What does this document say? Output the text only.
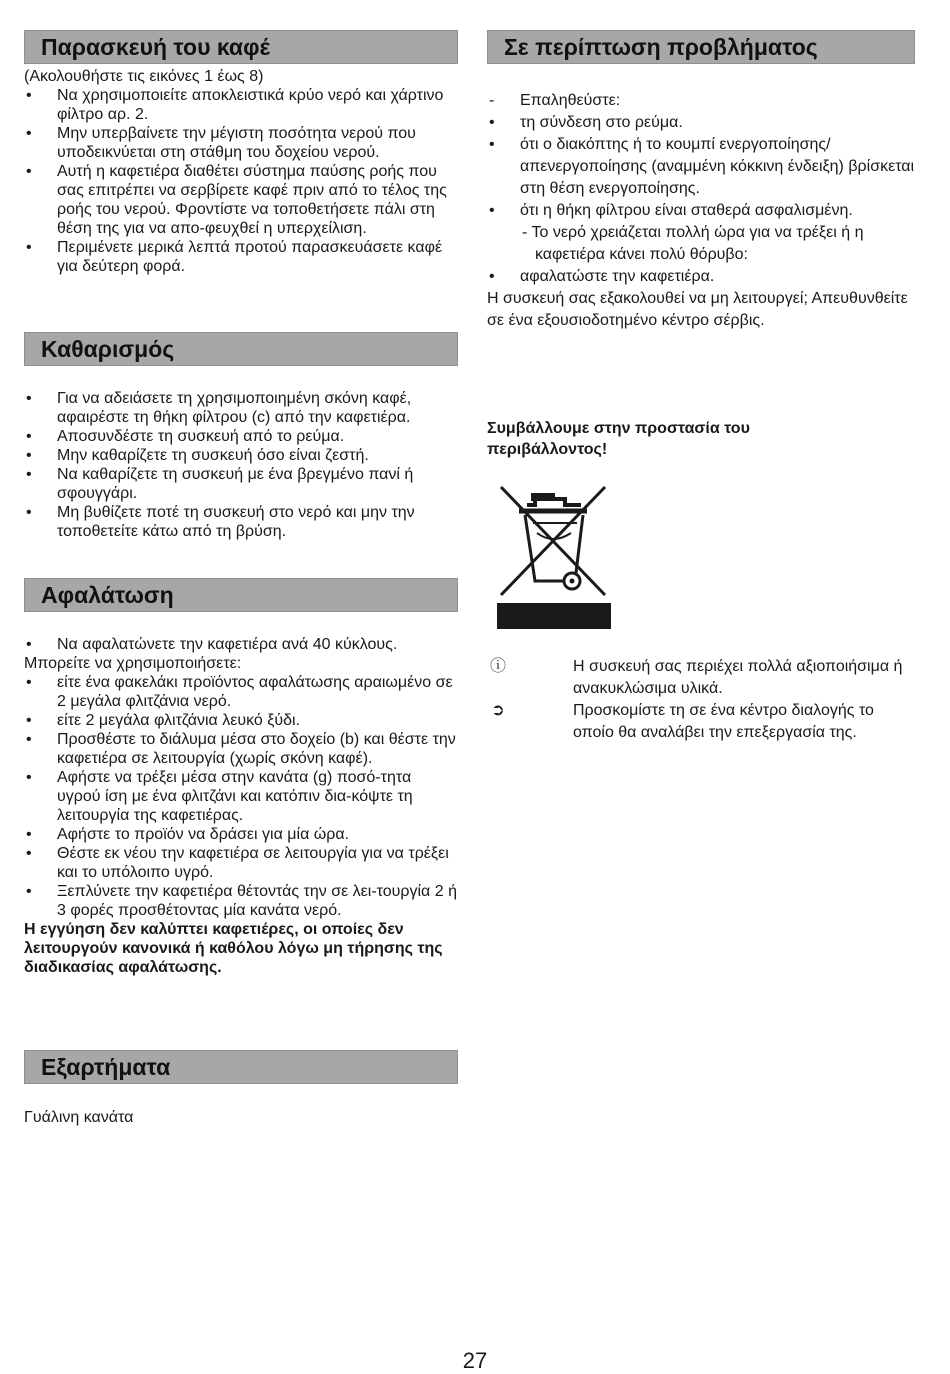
Παρασκευή του καφέ
(Ακολουθήστε τις εικόνες 1 έως 8)
• Να χρησιμοποιείτε αποκλειστικά κρύο νερό και χάρτινο φίλτρο αρ. 2.
• Μην υπερβαίνετε την μέγιστη ποσότητα νερού που υποδεικνύεται στη στάθμη του δοχείου νερού.
• Αυτή η καφετιέρα διαθέτει σύστημα παύσης ροής που σας επιτρέπει να σερβίρετε καφέ πριν από το τέλος της ροής του νερού. Φροντίστε να τοποθετήσετε πάλι στη θέση της για να απο-φευχθεί η υπερχείλιση.
• Περιμένετε μερικά λεπτά προτού παρασκευάσετε καφέ για δεύτερη φορά.
Καθαρισμός
• Για να αδειάσετε τη χρησιμοποιημένη σκόνη καφέ, αφαιρέστε τη θήκη φίλτρου (c) από την καφετιέρα.
• Αποσυνδέστε τη συσκευή από το ρεύμα.
• Μην καθαρίζετε τη συσκευή όσο είναι ζεστή.
• Να καθαρίζετε τη συσκευή με ένα βρεγμένο πανί ή σφουγγάρι.
• Μη βυθίζετε ποτέ τη συσκευή στο νερό και μην την τοποθετείτε κάτω από τη βρύση.
Αφαλάτωση
• Να αφαλατώνετε την καφετιέρα ανά 40 κύκλους.
Μπορείτε να χρησιμοποιήσετε:
• είτε ένα φακελάκι προϊόντος αφαλάτωσης αραιωμένο σε 2 μεγάλα φλιτζάνια νερό.
• είτε 2 μεγάλα φλιτζάνια λευκό ξύδι.
• Προσθέστε το διάλυμα μέσα στο δοχείο (b) και θέστε την καφετιέρα σε λειτουργία (χωρίς σκόνη καφέ).
• Αφήστε να τρέξει μέσα στην κανάτα (g) ποσό-τητα υγρού ίση με ένα φλιτζάνι και κατόπιν δια-κόψτε τη λειτουργία της καφετιέρας.
• Αφήστε το προϊόν να δράσει για μία ώρα.
• Θέστε εκ νέου την καφετιέρα σε λειτουργία για να τρέξει και το υπόλοιπο υγρό.
• Ξεπλύνετε την καφετιέρα θέτοντάς την σε λει-τουργία 2 ή 3 φορές προσθέτοντας μία κανάτα νερό.
Η εγγύηση δεν καλύπτει καφετιέρες, οι οποίες δεν λειτουργούν κανονικά ή καθόλου λόγω μη τήρησης της διαδικασίας αφαλάτωσης.
Εξαρτήματα
Γυάλινη κανάτα
Σε περίπτωση προβλήματος
- Επαληθεύστε:
• τη σύνδεση στο ρεύμα.
• ότι ο διακόπτης ή το κουμπί ενεργοποίησης/απενεργοποίησης (αναμμένη κόκκινη ένδειξη) βρίσκεται στη θέση ενεργοποίησης.
• ότι η θήκη φίλτρου είναι σταθερά ασφαλισμένη.
- Το νερό χρειάζεται πολλή ώρα για να τρέξει ή η καφετιέρα κάνει πολύ θόρυβο:
• αφαλατώστε την καφετιέρα.
Η συσκευή σας εξακολουθεί να μη λειτουργεί; Απευθυνθείτε σε ένα εξουσιοδοτημένο κέντρο σέρβις.
Συμβάλλουμε στην προστασία του περιβάλλοντος!
ⓘ	Η συσκευή σας περιέχει πολλά αξιοποιήσιμα ή ανακυκλώσιμα υλικά.
➲	Προσκομίστε τη σε ένα κέντρο διαλογής το οποίο θα αναλάβει την επεξεργασία της.
27
